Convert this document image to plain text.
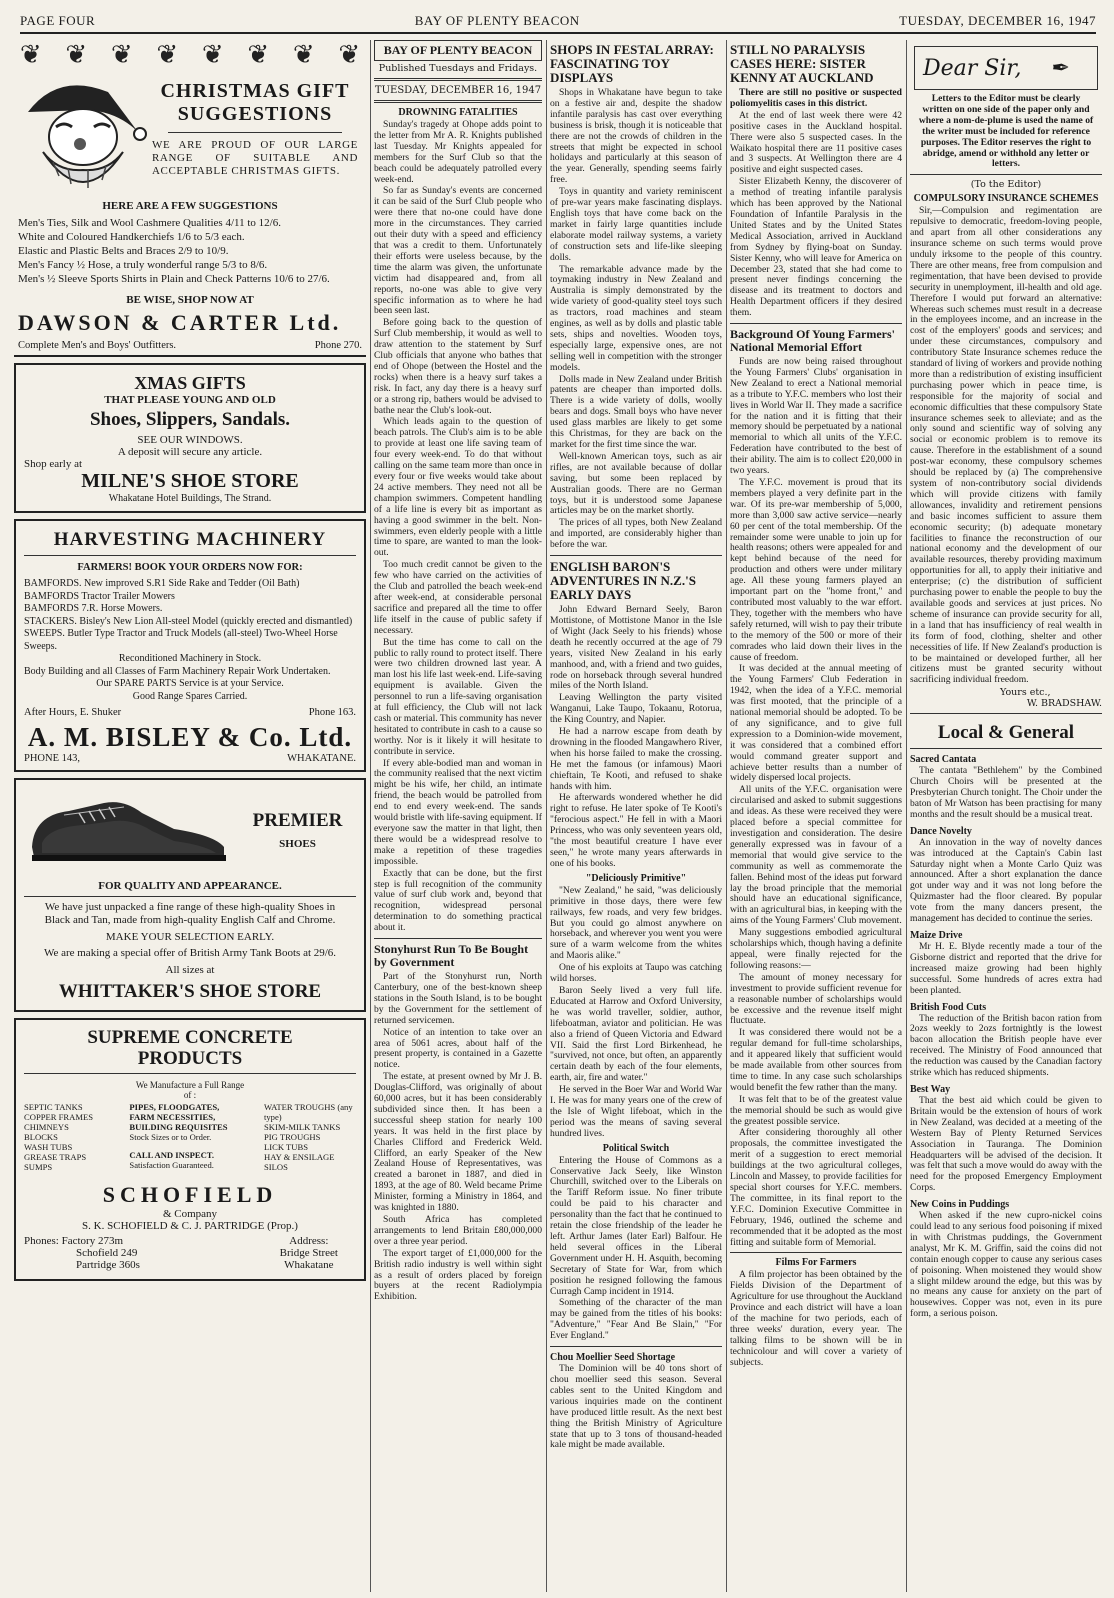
PAGE FOUR	BAY OF PLENTY BEACON	TUESDAY, DECEMBER 16, 1947
❦ ❦ ❦ ❦ ❦ ❦ ❦ ❦
CHRISTMAS GIFT
SUGGESTIONS
WE ARE PROUD OF OUR LARGE RANGE OF SUITABLE AND ACCEPTABLE CHRISTMAS GIFTS.
HERE ARE A FEW SUGGESTIONS
Men's Ties, Silk and Wool Cashmere Qualities 4/11 to 12/6.
White and Coloured Handkerchiefs 1/6 to 5/3 each.
Elastic and Plastic Belts and Braces 2/9 to 10/9.
Men's Fancy ½ Hose, a truly wonderful range 5/3 to 8/6.
Men's ½ Sleeve Sports Shirts in Plain and Check Patterns 10/6 to 27/6.
BE WISE, SHOP NOW AT
DAWSON & CARTER Ltd.
Complete Men's and Boys' Outfitters.	Phone 270.
XMAS GIFTS
THAT PLEASE YOUNG AND OLD
Shoes, Slippers, Sandals.
SEE OUR WINDOWS.
A deposit will secure any article.
Shop early at
MILNE'S SHOE STORE
Whakatane Hotel Buildings, The Strand.
HARVESTING MACHINERY
FARMERS! BOOK YOUR ORDERS NOW FOR:
BAMFORDS. New improved S.R1 Side Rake and Tedder (Oil Bath)
BAMFORDS Tractor Trailer Mowers
BAMFORDS 7.R. Horse Mowers.
STACKERS. Bisley's New Lion All-steel Model (quickly erected and dismantled)
SWEEPS. Butler Type Tractor and Truck Models (all-steel) Two-Wheel Horse Sweeps.
Reconditioned Machinery in Stock.
Body Building and all Classes of Farm Machinery Repair Work Undertaken.
Our SPARE PARTS Service is at your Service.
Good Range Spares Carried.
After Hours, E. Shuker	Phone 163.
A. M. BISLEY & Co. Ltd.
PHONE 143,	WHAKATANE.
PREMIER
SHOES
FOR QUALITY AND APPEARANCE.
We have just unpacked a fine range of these high-quality Shoes in Black and Tan, made from high-quality English Calf and Chrome.
MAKE YOUR SELECTION EARLY.
We are making a special offer of British Army Tank Boots at 29/6.
All sizes at
WHITTAKER'S SHOE STORE
SUPREME CONCRETE
PRODUCTS
We Manufacture a Full Range of :
SEPTIC TANKS
COPPER FRAMES
CHIMNEYS
BLOCKS
WASH TUBS
GREASE TRAPS
SUMPS
PIPES, FLOODGATES,
FARM NECESSITIES,
BUILDING REQUISITES
Stock Sizes or to Order.
CALL AND INSPECT.
Satisfaction Guaranteed.
WATER TROUGHS (any type)
SKIM-MILK TANKS
PIG TROUGHS
LICK TUBS
HAY & ENSILAGE SILOS
SCHOFIELD
& Company
S. K. SCHOFIELD & C. J. PARTRIDGE (Prop.)
Phones: Factory 273m
Schofield 249
Partridge 360s
Address:
Bridge Street
Whakatane
BAY OF PLENTY BEACON
Published Tuesdays and Fridays.
TUESDAY, DECEMBER 16, 1947
DROWNING FATALITIES

Sunday's tragedy at Ohope adds point to the letter from Mr A. R. Knights published last Tuesday. Mr Knights appealed for members for the Surf Club so that the beach could be adequately patrolled every week-end.

So far as Sunday's events are concerned it can be said of the Surf Club people who were there that no-one could have done more in the circumstances. They carried out their duty with a speed and efficiency that was a credit to them. Unfortunately their efforts were useless because, by the time the alarm was given, the unfortunate victim had disappeared and, from all reports, no-one was able to give very specific information as to where he had been seen last.

Before going back to the question of Surf Club membership, it would as well to draw attention to the statement by Surf Club officials that anyone who bathes that end of Ohope (between the Hostel and the rocks) when there is a heavy surf takes a risk. In fact, any day there is a heavy surf or a strong rip, bathers would be advised to bathe near the Club's look-out.

Which leads again to the question of beach patrols. The Club's aim is to be able to provide at least one life saving team of four every week-end. To do that without calling on the same team more than once in every four or five weeks would take about 24 active members. They need not all be champion swimmers. Competent handling of a life line is every bit as important as having a good swimmer in the belt. Non-swimmers, even elderly people with a little time to spare, are wanted to man the look-out.

Too much credit cannot be given to the few who have carried on the activities of the Club and patrolled the beach week-end after week-end, at considerable personal sacrifice and prepared all the time to offer life itself in the cause of public safety if necessary.

But the time has come to call on the public to rally round to protect itself. There were two children drowned last year. A man lost his life last week-end. Life-saving equipment is available. Given the personnel to run a life-saving organisation at full efficiency, the Club will not lack cash or material. This community has never hesitated to contribute in cash to a cause so worthy. Nor is it likely it will hesitate to contribute in service.

If every able-bodied man and woman in the community realised that the next victim might be his wife, her child, an intimate friend, the beach would be patrolled from end to end every week-end. The sands would bristle with life-saving equipment. If everyone saw the matter in that light, then there would be a widespread resolve to make a repetition of these tragedies impossible.

Exactly that can be done, but the first step is full recognition of the community value of surf club work and, beyond that recognition, widespread personal determination to do something practical about it.

Stonyhurst Run To Be Bought by Government

Part of the Stonyhurst run, North Canterbury, one of the best-known sheep stations in the South Island, is to be bought by the Government for the settlement of returned servicemen.

Notice of an intention to take over an area of 5061 acres, about half of the present property, is contained in a Gazette notice.

The estate, at present owned by Mr J. B. Douglas-Clifford, was originally of about 60,000 acres, but it has been considerably subdivided since then. It has been a successful sheep station for nearly 100 years. It was held in the first place by Charles Clifford and Frederick Weld. Clifford, an early Speaker of the New Zealand House of Representatives, was created a baronet in 1887, and died in 1893, at the age of 80. Weld became Prime Minister, forming a Ministry in 1864, and was knighted in 1880.

South Africa has completed arrangements to lend Britain £80,000,000 over a three year period.

The export target of £1,000,000 for the British radio industry is well within sight as a result of orders placed by foreign buyers at the recent Radiolympia Exhibition.

SHOPS IN FESTAL ARRAY: FASCINATING TOY DISPLAYS

Shops in Whakatane have begun to take on a festive air and, despite the shadow infantile paralysis has cast over everything business is brisk, though it is noticeable that there are not the crowds of children in the streets that might be expected in school holidays and particularly at this season of the year. Generally, spending seems fairly free.

Toys in quantity and variety reminiscent of pre-war years make fascinating displays. English toys that have come back on the market in fairly large quantities include elaborate model railway systems, a variety of construction sets and life-like sleeping dolls.

The remarkable advance made by the toymaking industry in New Zealand and Australia is simply demonstrated by the wide variety of good-quality steel toys such as tractors, road machines and steam engines, as well as by dolls and plastic table sets, ships and novelties. Wooden toys, especially large, expensive ones, are not selling well in competition with the stronger models.

Dolls made in New Zealand under British patents are cheaper than imported dolls. There is a wide variety of dolls, woolly bears and dogs. Small boys who have never used glass marbles are likely to get some this Christmas, for they are back on the market for the first time since the war.

Well-known American toys, such as air rifles, are not available because of dollar saving, but some been replaced by Australian goods. There are no German toys, but it is understood some Japanese articles may be on the market shortly.

The prices of all types, both New Zealand and imported, are considerably higher than before the war.

ENGLISH BARON'S ADVENTURES IN N.Z.'S EARLY DAYS

John Edward Bernard Seely, Baron Mottistone, of Mottistone Manor in the Isle of Wight (Jack Seely to his friends) whose death he recently occurred at the age of 79 years, visited New Zealand in his early manhood, and, with a friend and two guides, rode on horseback through several hundred miles of the North Island.

Leaving Wellington the party visited Wanganui, Lake Taupo, Tokaanu, Rotorua, the King Country, and Napier.

He had a narrow escape from death by drowning in the flooded Mangawhero River, when his horse failed to make the crossing. He met the famous (or infamous) Maori chieftain, Te Kooti, and refused to shake hands with him.

He afterwards wondered whether he did right to refuse. He later spoke of Te Kooti's "ferocious aspect." He fell in with a Maori Princess, who was only seventeen years old, "the most beautiful creature I have ever seen," he wrote many years afterwards in one of his books.

"Deliciously Primitive"

"New Zealand," he said, "was deliciously primitive in those days, there were few railways, few roads, and very few bridges. But you could go almost anywhere on horseback, and wherever you went you were sure of a warm welcome from the whites and Maoris alike."

One of his exploits at Taupo was catching wild horses.

Baron Seely lived a very full life. Educated at Harrow and Oxford University, he was world traveller, soldier, author, lifeboatman, aviator and politician. He was also a friend of Queen Victoria and Edward VII. Said the first Lord Birkenhead, he "survived, not once, but often, an apparently certain death by each of the four elements, earth, air, fire and water."

He served in the Boer War and World War I. He was for many years one of the crew of the Isle of Wight lifeboat, which in the period was the means of saving several hundred lives.

Political Switch

Entering the House of Commons as a Conservative Jack Seely, like Winston Churchill, switched over to the Liberals on the Tariff Reform issue. No finer tribute could be paid to his character and personality than the fact that he continued to retain the close friendship of the leader he left. Arthur James (later Earl) Balfour. He held several offices in the Liberal Government under H. H. Asquith, becoming Secretary of State for War, from which position he resigned following the famous Curragh Camp incident in 1914.

Something of the character of the man may be gained from the titles of his books: "Adventure," "Fear And Be Slain," "For Ever England."

Chou Moellier Seed Shortage

The Dominion will be 40 tons short of chou moellier seed this season. Several cables sent to the United Kingdom and various inquiries made on the continent have produced little result. As the next best thing the British Ministry of Agriculture state that up to 3 tons of thousand-headed kale might be made available.

STILL NO PARALYSIS CASES HERE: SISTER KENNY AT AUCKLAND

There are still no positive or suspected poliomyelitis cases in this district.

At the end of last week there were 42 positive cases in the Auckland hospital. There were also 5 suspected cases. In the Waikato hospital there are 11 positive cases and 3 suspects. At Wellington there are 4 positive and eight suspected cases.

Sister Elizabeth Kenny, the discoverer of a method of treating infantile paralysis which has been approved by the National Foundation of Infantile Paralysis in the United States and by the United States Medical Association, arrived in Auckland from Sydney by flying-boat on Sunday. Sister Kenny, who will leave for America on December 23, stated that she had come to present never findings concerning the disease and its treatment to doctors and Health Department officers if they desired them.

Background Of Young Farmers' National Memorial Effort

Funds are now being raised throughout the Young Farmers' Clubs' organisation in New Zealand to erect a National memorial as a tribute to Y.F.C. members who lost their lives in World War II. They made a sacrifice for the nation and it is fitting that their memory should be perpetuated by a national memorial to which all units of the Y.F.C. Federation have contributed to the best of their ability. The aim is to collect £20,000 in two years.

The Y.F.C. movement is proud that its members played a very definite part in the war. Of its pre-war membership of 5,000, more than 3,000 saw active service—nearly 60 per cent of the total membership. Of the remainder some were unable to join up for health reasons; others were appealed for and kept behind because of the need for production and others were under military age. All these young farmers played an important part on the "home front," and contributed most valuably to the war effort. They, together with the members who have safely returned, will wish to pay their tribute to the memory of the 500 or more of their comrades who laid down their lives in the cause of freedom.

It was decided at the annual meeting of the Young Farmers' Club Federation in 1942, when the idea of a Y.F.C. memorial was first mooted, that the principle of a national memorial should be adopted. To be of any significance, and to give full expression to a Dominion-wide movement, it was considered that a combined effort would command greater support and achieve better results than a number of widely dispersed local projects.

All units of the Y.F.C. organisation were circularised and asked to submit suggestions and ideas. As these were received they were placed before a special committee for investigation and consideration. The desire generally expressed was in favour of a memorial that would give service to the community as well as commemorate the fallen. Behind most of the ideas put forward lay the broad principle that the memorial should have an educational significance, with an agricultural bias, in keeping with the aims of the Young Farmers' Club movement.

Many suggestions embodied agricultural scholarships which, though having a definite appeal, were finally rejected for the following reasons:—

The amount of money necessary for investment to provide sufficient revenue for a reasonable number of scholarships would be excessive and the revenue itself might fluctuate.

It was considered there would not be a regular demand for full-time scholarships, and it appeared likely that sufficient would be made available from other sources from time to time. In any case such scholarships would benefit the few rather than the many.

It was felt that to be of the greatest value the memorial should be such as would give the greatest possible service.

After considering thoroughly all other proposals, the committee investigated the merit of a suggestion to erect memorial buildings at the two agricultural colleges, Lincoln and Massey, to provide facilities for special short courses for Y.F.C. members. The committee, in its final report to the Y.F.C. Dominion Executive Committee in February, 1946, outlined the scheme and recommended that it be adopted as the most fitting and suitable form of Memorial.

Films For Farmers

A film projector has been obtained by the Fields Division of the Department of Agriculture for use throughout the Auckland Province and each district will have a loan of the machine for two periods, each of three weeks' duration, every year. The talking films to be shown will be in technicolour and will cover a variety of subjects.

Dear Sir, ✒

Letters to the Editor must be clearly written on one side of the paper only and where a nom-de-plume is used the name of the writer must be included for reference purposes. The Editor reserves the right to abridge, amend or withhold any letter or letters.

(To the Editor)
COMPULSORY INSURANCE SCHEMES

Sir,—Compulsion and regimentation are repulsive to democratic, freedom-loving people, and apart from all other considerations any insurance scheme on such terms would prove unduly irksome to the people of this country. There are other means, free from compulsion and regimentation, that have been devised to provide security in unemployment, ill-health and old age. Therefore I would put forward an alternative: Whereas such schemes must result in a decrease in the employees income, and an increase in the cost of the employers' goods and services; and under these circumstances, compulsory and contributory State Insurance schemes reduce the standard of living of workers and provide nothing more than a redistribution of existing insufficient purchasing power which in peace time, is responsible for the majority of social and economic difficulties that these compulsory State insurance schemes seek to alleviate; and as the only sound and scientific way of solving any social or economic problem is to remove its cause. Therefore in the establishment of a sound post-war economy, these compulsory schemes should be replaced by (a) The comprehensive system of non-contributory social dividends which will provide citizens with family allowances, invalidity and retirement pensions and basic incomes sufficient to assure them economic security; (b) adequate monetary facilities to finance the reconstruction of our national economy and the development of our available resources, thereby providing maximum opportunities for all, to apply their initiative and enterprise; (c) the distribution of sufficient purchasing power to enable the people to buy the available goods and services at just prices. No scheme of insurance can provide security for all, in a land that has insufficiency of real wealth in its form of food, clothing, shelter and other necessities of life. If New Zealand's production is to be maintained or developed further, all her citizens must be granted security without sacrificing individual freedom.

Yours etc.,
W. BRADSHAW.
Local & General
Sacred Cantata

The cantata "Bethlehem" by the Combined Church Choirs will be presented at the Presbyterian Church tonight. The Choir under the baton of Mr Watson has been practising for many months and the result should be a musical treat.

Dance Novelty

An innovation in the way of novelty dances was introduced at the Captain's Cabin last Saturday night when a Monte Carlo Quiz was announced. After a short explanation the dance got under way and it was not long before the Quizmaster had the floor cleared. By popular vote from the many dancers present, the management has decided to continue the series.

Maize Drive

Mr H. E. Blyde recently made a tour of the Gisborne district and reported that the drive for increased maize growing had been highly successful. Some hundreds of acres extra had been planted.

British Food Cuts

The reduction of the British bacon ration from 2ozs weekly to 2ozs fortnightly is the lowest bacon allocation the British people have ever received. The Ministry of Food announced that the reduction was caused by the Canadian factory strike which has reduced shipments.

Best Way

That the best aid which could be given to Britain would be the extension of hours of work in New Zealand, was decided at a meeting of the Western Bay of Plenty Returned Services Association in Tauranga. The Dominion Headquarters will be advised of the decision. It was felt that such a move would do away with the need for the proposed Emergency Employment Corps.

New Coins in Puddings

When asked if the new cupro-nickel coins could lead to any serious food poisoning if mixed in with Christmas puddings, the Government analyst, Mr K. M. Griffin, said the coins did not contain enough copper to cause any serious cases of poisoning. When moistened they would show a slight mildew around the edge, but this was by no means any cause for anxiety on the part of housewives. Copper was not, even in its pure form, a serious poison.
